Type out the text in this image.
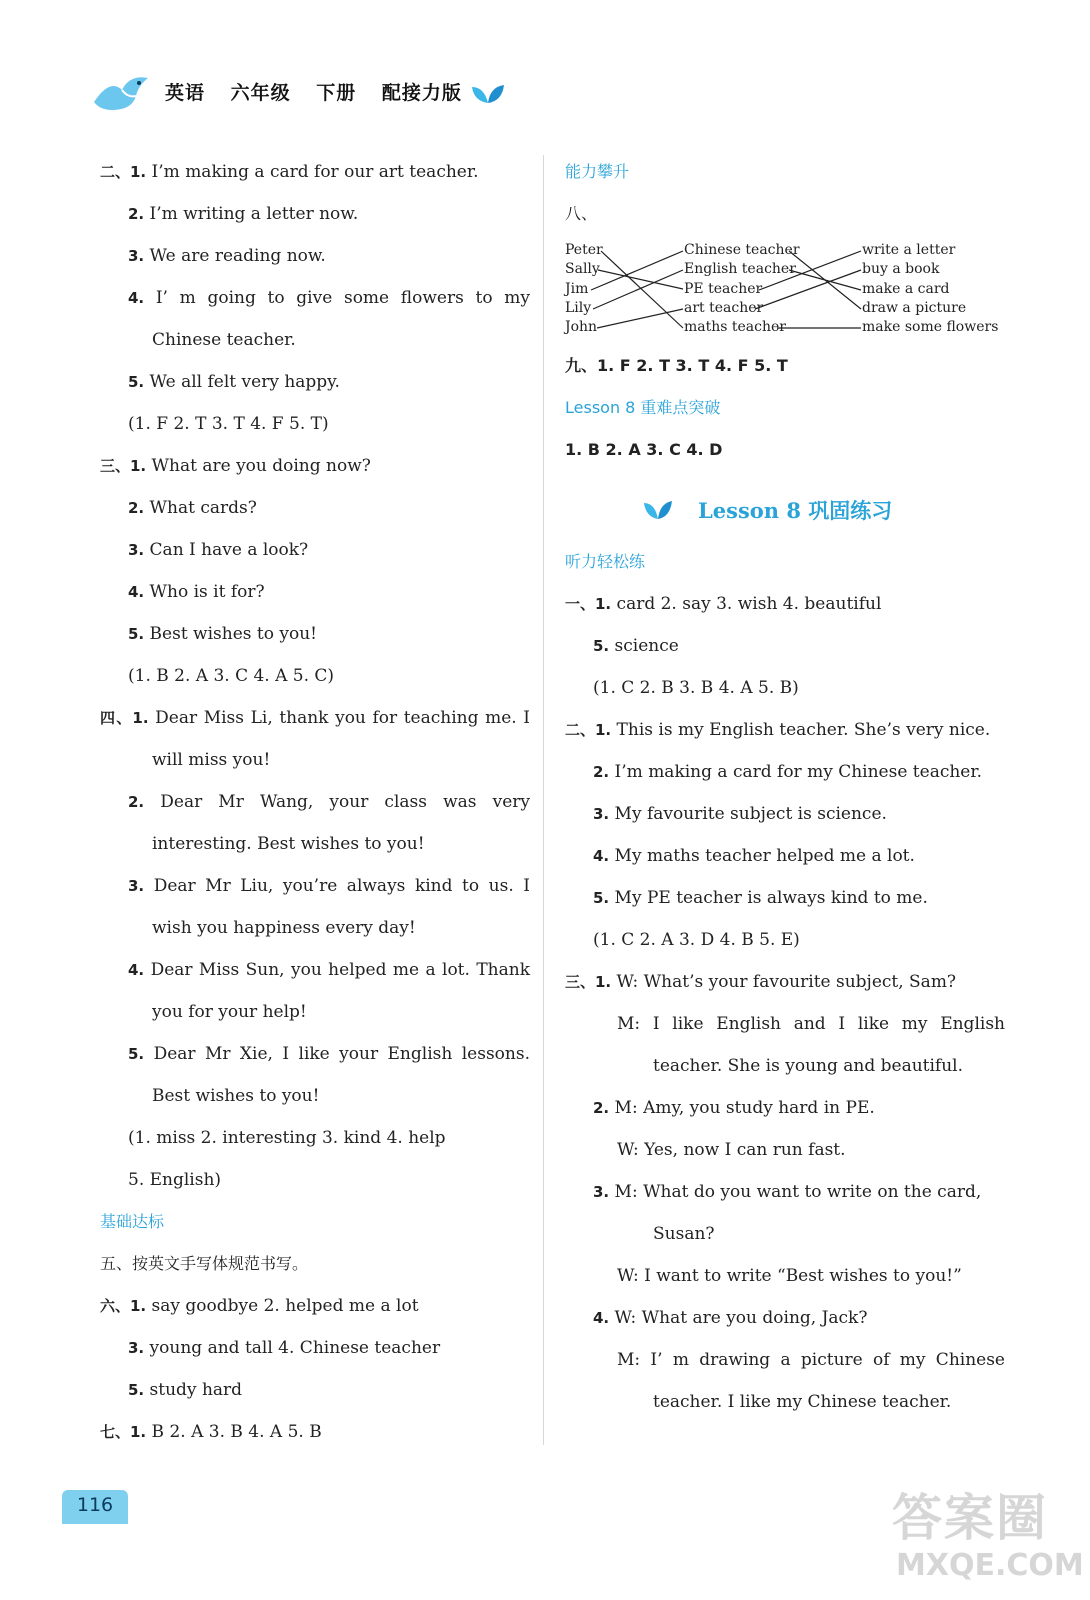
英语 六年级 下册 配接力版
二、1. I’m making a card for our art teacher.
2. I’m writing a letter now.
3. We are reading now.
4. I’ m going to give some flowers to my
Chinese teacher.
5. We all felt very happy.
(1. F 2. T 3. T 4. F 5. T)
三、1. What are you doing now?
2. What cards?
3. Can I have a look?
4. Who is it for?
5. Best wishes to you!
(1. B 2. A 3. C 4. A 5. C)
四、1. Dear Miss Li, thank you for teaching me. I
will miss you!
2. Dear Mr Wang, your class was very
interesting. Best wishes to you!
3. Dear Mr Liu, you’re always kind to us. I
wish you happiness every day!
4. Dear Miss Sun, you helped me a lot. Thank
you for your help!
5. Dear Mr Xie, I like your English lessons.
Best wishes to you!
(1. miss 2. interesting 3. kind 4. help
5. English)
基础达标
五、按英文手写体规范书写。
六、1. say goodbye 2. helped me a lot
3. young and tall 4. Chinese teacher
5. study hard
七、1. B 2. A 3. B 4. A 5. B
能力攀升
八、
Peter
Sally
Jim
Lily
John
Chinese teacher
English teacher
PE teacher
art teacher
maths teacher
write a letter
buy a book
make a card
draw a picture
make some flowers
九、1. F 2. T 3. T 4. F 5. T
Lesson 8 重难点突破
1. B 2. A 3. C 4. D
Lesson 8 巩固练习
听力轻松练
一、1. card 2. say 3. wish 4. beautiful
5. science
(1. C 2. B 3. B 4. A 5. B)
二、1. This is my English teacher. She’s very nice.
2. I’m making a card for my Chinese teacher.
3. My favourite subject is science.
4. My maths teacher helped me a lot.
5. My PE teacher is always kind to me.
(1. C 2. A 3. D 4. B 5. E)
三、1. W: What’s your favourite subject, Sam?
M: I like English and I like my English
teacher. She is young and beautiful.
2. M: Amy, you study hard in PE.
W: Yes, now I can run fast.
3. M: What do you want to write on the card,
Susan?
W: I want to write “Best wishes to you!”
4. W: What are you doing, Jack?
M: I’ m drawing a picture of my Chinese
teacher. I like my Chinese teacher.
116	答案圈
MXQE.COM
